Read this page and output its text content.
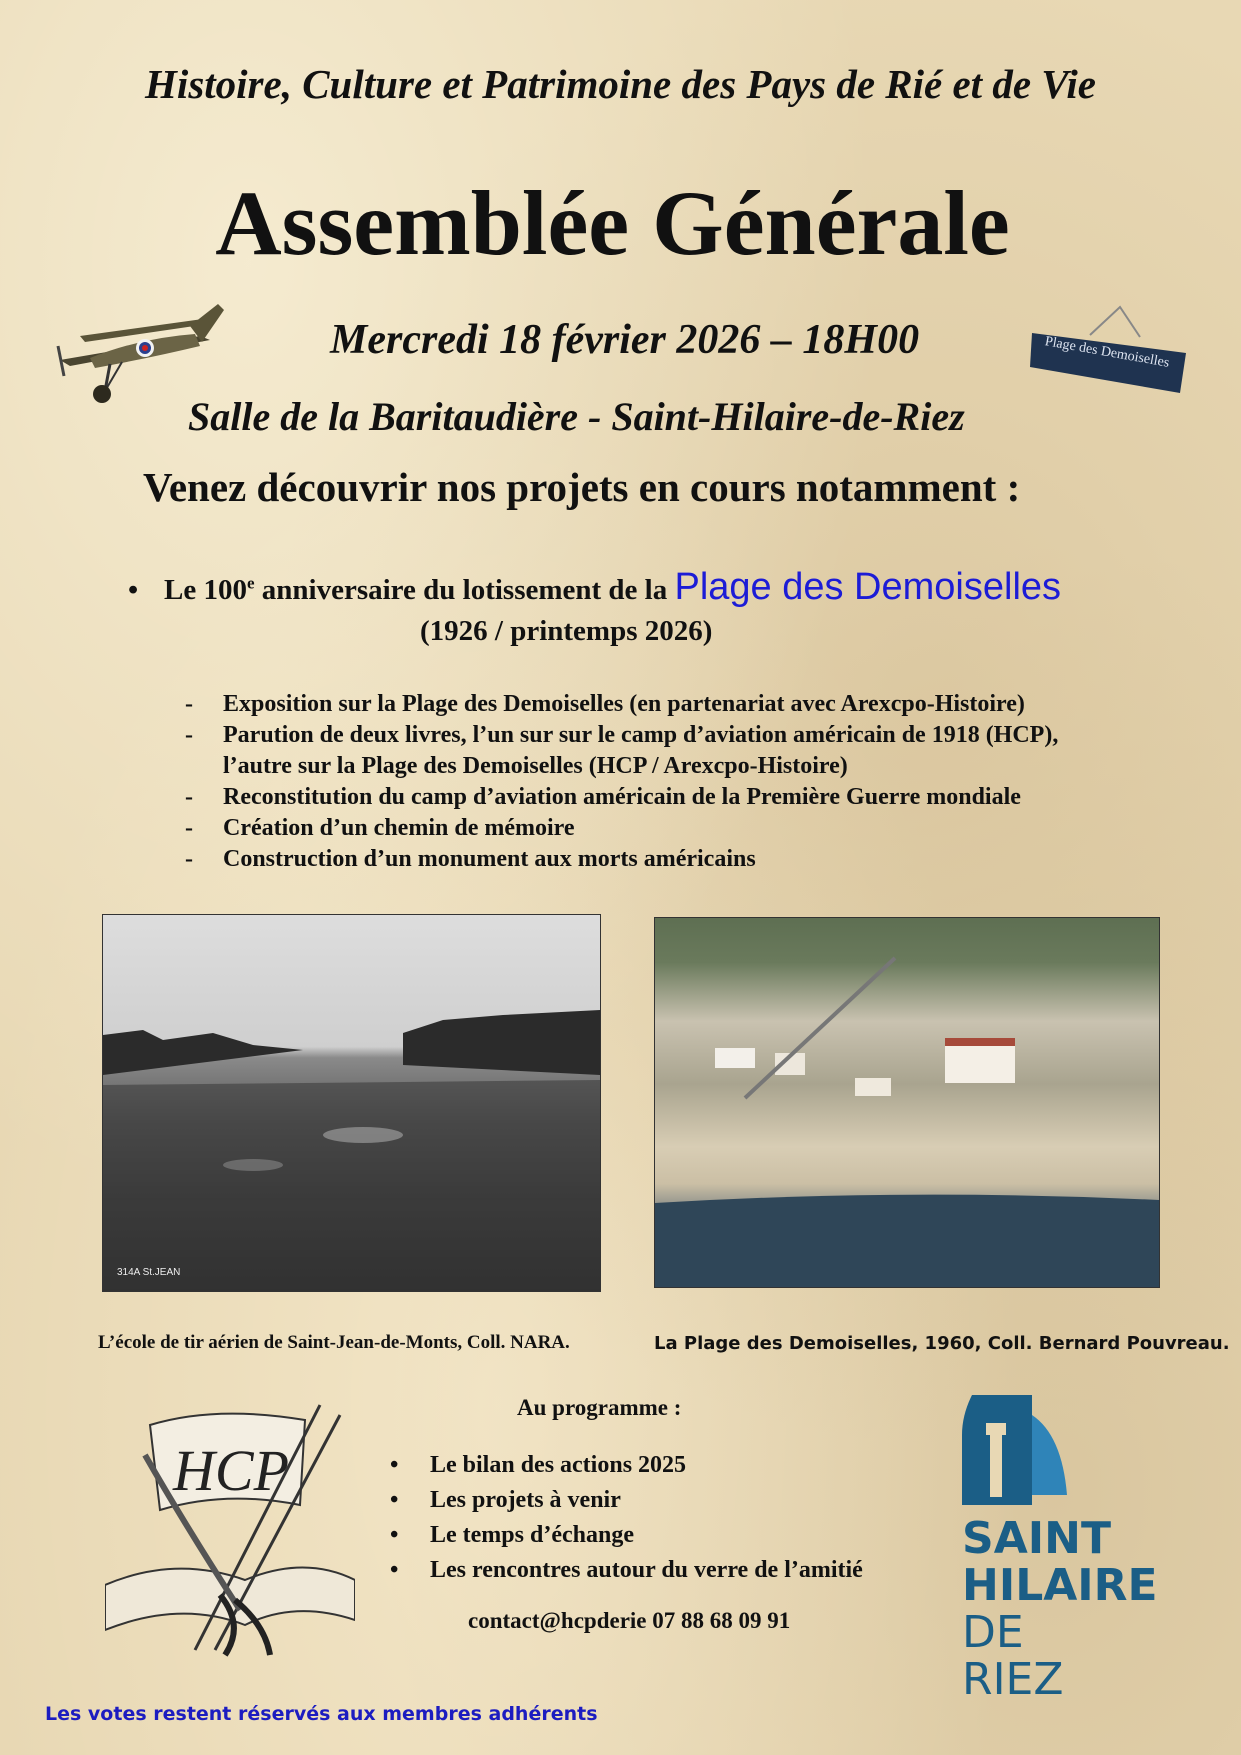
Histoire, Culture et Patrimoine des Pays de Rié et de Vie
Assemblée Générale
Mercredi 18 février 2026 – 18H00	Plage des Demoiselles
Salle de la Baritaudière - Saint-Hilaire-de-Riez
Venez découvrir nos projets en cours notamment :
• Le 100e anniversaire du lotissement de la Plage des Demoiselles
(1926 / printemps 2026)
-	Exposition sur la Plage des Demoiselles (en partenariat avec Arexcpo-Histoire)
-	Parution de deux livres, l’un sur sur le camp d’aviation américain de 1918 (HCP),
l’autre sur la Plage des Demoiselles (HCP / Arexcpo-Histoire)
-	Reconstitution du camp d’aviation américain de la Première Guerre mondiale
-	Création d’un chemin de mémoire
-	Construction d’un monument aux morts américains
314A St.JEAN
L’école de tir aérien de Saint-Jean-de-Monts, Coll. NARA.	La Plage des Demoiselles, 1960, Coll. Bernard Pouvreau.
HCP
Au programme :
•	Le bilan des actions 2025
•	Les projets à venir
•	Le temps d’échange
•	Les rencontres autour du verre de l’amitié
contact@hcpderie 07 88 68 09 91
SAINT
HILAIRE
DE RIEZ
Les votes restent réservés aux membres adhérents
